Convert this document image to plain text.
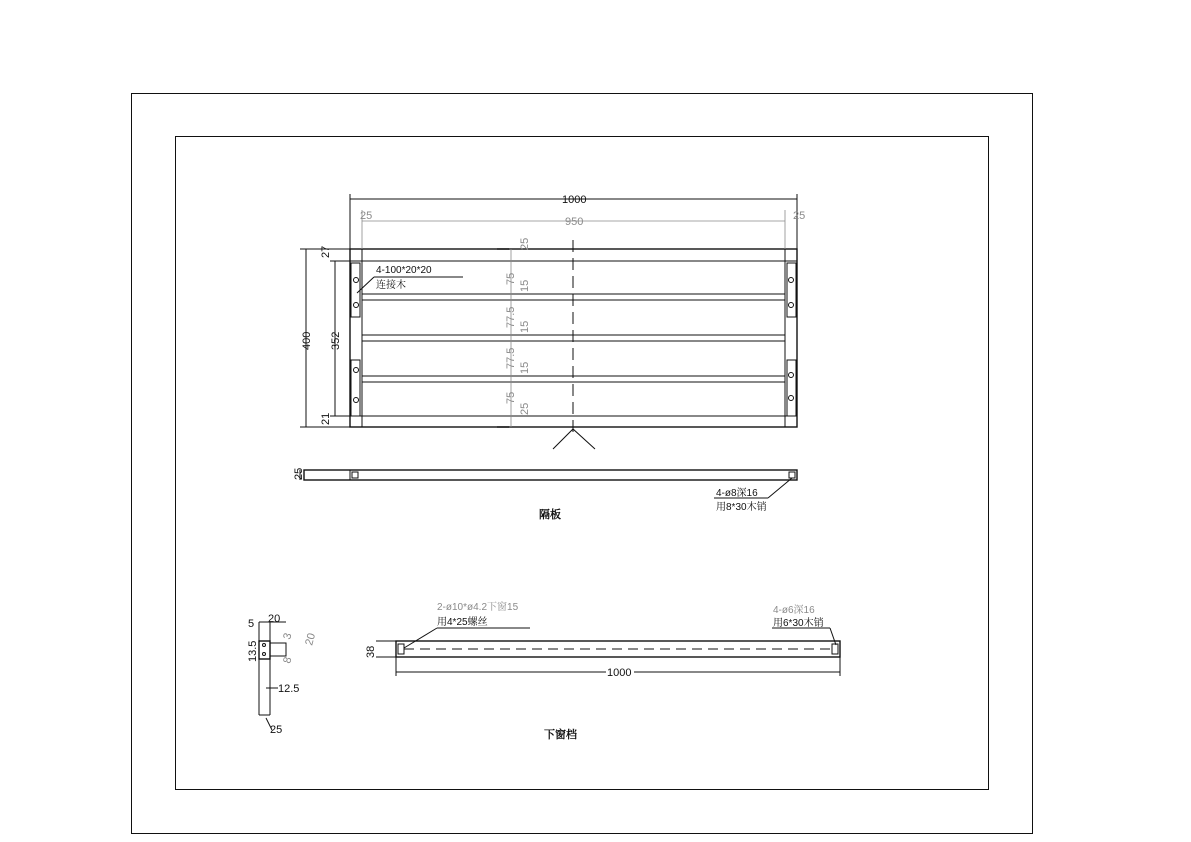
1000
950
25	25
400 352
27
21
25
75
15
77.5 15
77.5 15
75
25
4-100*20*20
连接木
25
4-ø8深16
用8*30木销
隔板
20
5
13.5
3
8
20
12.5
25
1000
38
2-ø10*ø4.2下窗15
用4*25螺丝
4-ø6深16
用6*30木销
下窗档
